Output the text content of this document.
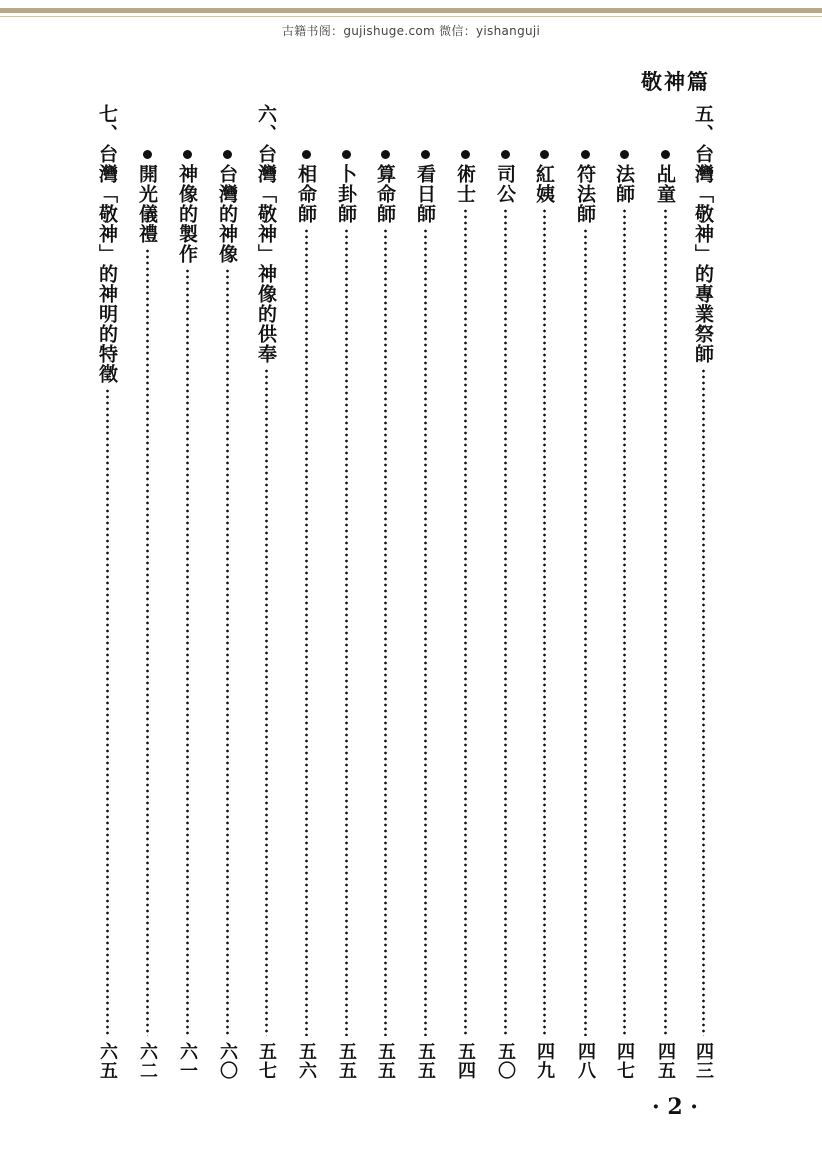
古籍书阁：gujishuge.com 微信：yishanguji
敬神篇
五、台灣「敬神」的專業祭師
四三
乩童
四五
法師
四七
符法師
四八
紅姨
四九
司公
五〇
術士
五四
看日師
五五
算命師
五五
卜卦師
五五
相命師
五六
六、台灣「敬神」神像的供奉
五七
台灣的神像
六〇
神像的製作
六一
開光儀禮
六二
七、台灣「敬神」的神明的特徵
六五
· 2 ·
